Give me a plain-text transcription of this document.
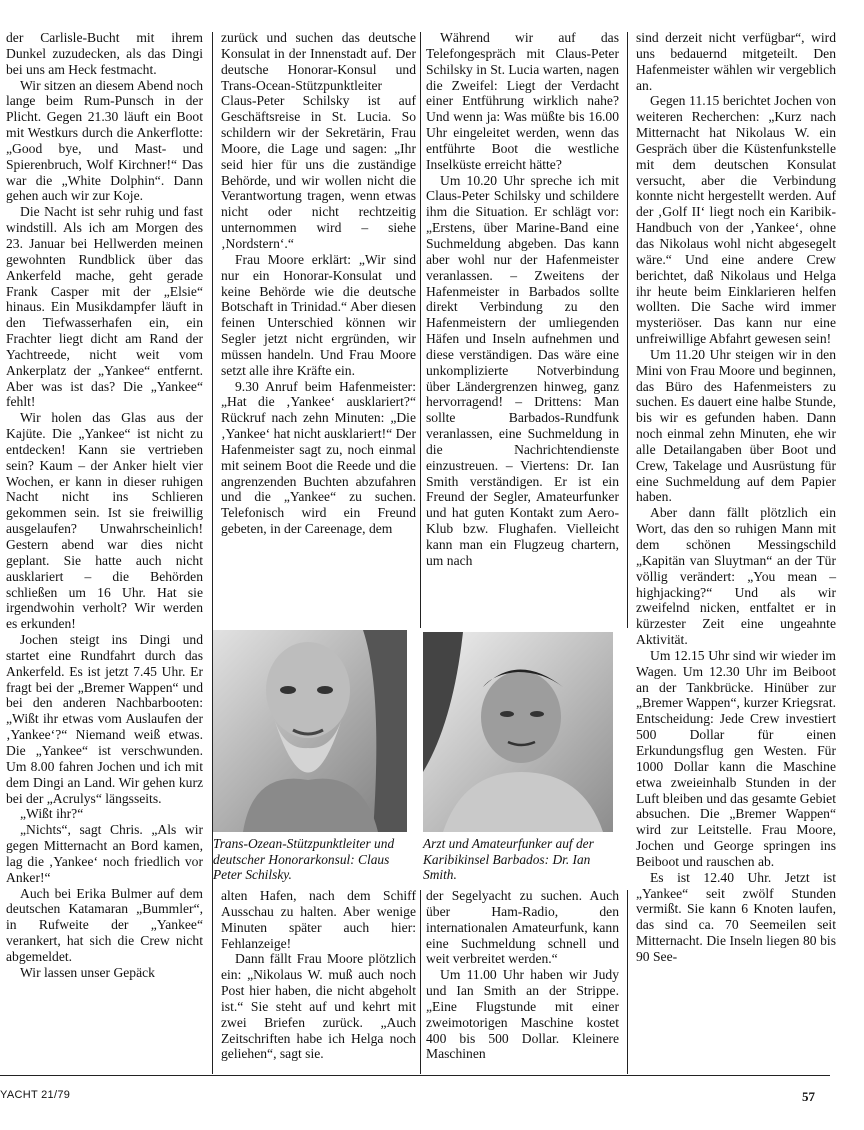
der Carlisle-Bucht mit ihrem Dunkel zuzudecken, als das Dingi bei uns am Heck festmacht.

Wir sitzen an diesem Abend noch lange beim Rum-Punsch in der Plicht. Gegen 21.30 läuft ein Boot mit Westkurs durch die Ankerflotte: „Good bye, und Mast- und Spierenbruch, Wolf Kirchner!“ Das war die „White Dolphin“. Dann gehen auch wir zur Koje.

Die Nacht ist sehr ruhig und fast windstill. Als ich am Morgen des 23. Januar bei Hellwerden meinen gewohnten Rundblick über das Ankerfeld mache, geht gerade Frank Casper mit der „Elsie“ hinaus. Ein Musikdampfer läuft in den Tiefwasserhafen ein, ein Frachter liegt dicht am Rand der Yachtreede, nicht weit vom Ankerplatz der „Yankee“ entfernt. Aber was ist das? Die „Yankee“ fehlt!

Wir holen das Glas aus der Kajüte. Die „Yankee“ ist nicht zu entdecken! Kann sie vertrieben sein? Kaum – der Anker hielt vier Wochen, er kann in dieser ruhigen Nacht nicht ins Schlieren gekommen sein. Ist sie freiwillig ausgelaufen? Unwahrscheinlich! Gestern abend war dies nicht geplant. Sie hatte auch nicht ausklariert – die Behörden schließen um 16 Uhr. Hat sie irgendwohin verholt? Wir werden es erkunden!

Jochen steigt ins Dingi und startet eine Rundfahrt durch das Ankerfeld. Es ist jetzt 7.45 Uhr. Er fragt bei der „Bremer Wappen“ und bei den anderen Nachbarbooten: „Wißt ihr etwas vom Auslaufen der ‚Yankee‘?“ Niemand weiß etwas. Die „Yankee“ ist verschwunden. Um 8.00 fahren Jochen und ich mit dem Dingi an Land. Wir gehen kurz bei der „Acrulys“ längsseits.

„Wißt ihr?“

„Nichts“, sagt Chris. „Als wir gegen Mitternacht an Bord kamen, lag die ‚Yankee‘ noch friedlich vor Anker!“

Auch bei Erika Bulmer auf dem deutschen Katamaran „Bummler“, in Rufweite der „Yankee“ verankert, hat sich die Crew nicht abgemeldet.

Wir lassen unser Gepäck

zurück und suchen das deutsche Konsulat in der Innenstadt auf. Der deutsche Honorar-Konsul und Trans-Ocean-Stützpunktleiter Claus-Peter Schilsky ist auf Geschäftsreise in St. Lucia. So schildern wir der Sekretärin, Frau Moore, die Lage und sagen: „Ihr seid hier für uns die zuständige Behörde, und wir wollen nicht die Verantwortung tragen, wenn etwas nicht oder nicht rechtzeitig unternommen wird – siehe ‚Nordstern‘.“

Frau Moore erklärt: „Wir sind nur ein Honorar-Konsulat und keine Behörde wie die deutsche Botschaft in Trinidad.“ Aber diesen feinen Unterschied können wir Segler jetzt nicht ergründen, wir müssen handeln. Und Frau Moore setzt alle ihre Kräfte ein.

9.30 Anruf beim Hafenmeister: „Hat die ‚Yankee‘ ausklariert?“ Rückruf nach zehn Minuten: „Die ‚Yankee‘ hat nicht ausklariert!“ Der Hafenmeister sagt zu, noch einmal mit seinem Boot die Reede und die angrenzenden Buchten abzufahren und die „Yankee“ zu suchen. Telefonisch wird ein Freund gebeten, in der Careenage, dem

Während wir auf das Telefongespräch mit Claus-Peter Schilsky in St. Lucia warten, nagen die Zweifel: Liegt der Verdacht einer Entführung wirklich nahe? Und wenn ja: Was müßte bis 16.00 Uhr eingeleitet werden, wenn das entführte Boot die westliche Inselküste erreicht hätte?

Um 10.20 Uhr spreche ich mit Claus-Peter Schilsky und schildere ihm die Situation. Er schlägt vor: „Erstens, über Marine-Band eine Suchmeldung abgeben. Das kann aber wohl nur der Hafenmeister veranlassen. – Zweitens der Hafenmeister in Barbados sollte direkt Verbindung zu den Hafenmeistern der umliegenden Häfen und Inseln aufnehmen und diese verständigen. Das wäre eine unkomplizierte Notverbindung über Ländergrenzen hinweg, ganz hervorragend! – Drittens: Man sollte Barbados-Rundfunk veranlassen, eine Suchmeldung in die Nachrichtendienste einzustreuen. – Viertens: Dr. Ian Smith verständigen. Er ist ein Freund der Segler, Amateurfunker und hat guten Kontakt zum Aero-Klub bzw. Flughafen. Vielleicht kann man ein Flugzeug chartern, um nach

sind derzeit nicht verfügbar“, wird uns bedauernd mitgeteilt. Den Hafenmeister wählen wir vergeblich an.

Gegen 11.15 berichtet Jochen von weiteren Recherchen: „Kurz nach Mitternacht hat Nikolaus W. ein Gespräch über die Küstenfunkstelle mit dem deutschen Konsulat versucht, aber die Verbindung konnte nicht hergestellt werden. Auf der ‚Golf II‘ liegt noch ein Karibik-Handbuch von der ‚Yankee‘, ohne das Nikolaus wohl nicht abgesegelt wäre.“ Und eine andere Crew berichtet, daß Nikolaus und Helga ihr heute beim Einklarieren helfen wollten. Die Sache wird immer mysteriöser. Das kann nur eine unfreiwillige Abfahrt gewesen sein!

Um 11.20 Uhr steigen wir in den Mini von Frau Moore und beginnen, das Büro des Hafenmeisters zu suchen. Es dauert eine halbe Stunde, bis wir es gefunden haben. Dann noch einmal zehn Minuten, ehe wir alle Detailangaben über Boot und Crew, Takelage und Ausrüstung für eine Suchmeldung auf dem Papier haben.

Aber dann fällt plötzlich ein Wort, das den so ruhigen Mann mit dem schönen Messingschild „Kapitän van Sluytman“ an der Tür völlig verändert: „You mean – highjacking?“ Und als wir zweifelnd nicken, entfaltet er in kürzester Zeit eine ungeahnte Aktivität.

Um 12.15 Uhr sind wir wieder im Wagen. Um 12.30 Uhr im Beiboot an der Tankbrücke. Hinüber zur „Bremer Wappen“, kurzer Kriegsrat. Entscheidung: Jede Crew investiert 500 Dollar für einen Erkundungsflug gen Westen. Für 1000 Dollar kann die Maschine etwa zweieinhalb Stunden in der Luft bleiben und das gesamte Gebiet absuchen. Die „Bremer Wappen“ wird zur Leitstelle. Frau Moore, Jochen und George springen ins Beiboot und rauschen ab.

Es ist 12.40 Uhr. Jetzt ist „Yankee“ seit zwölf Stunden vermißt. Sie kann 6 Knoten laufen, das sind ca. 70 Seemeilen seit Mitternacht. Die Inseln liegen 80 bis 90 See-

Trans-Ozean-Stützpunktleiter und deutscher Honorarkonsul: Claus Peter Schilsky.
Arzt und Amateurfunker auf der Karibikinsel Barbados: Dr. Ian Smith.

alten Hafen, nach dem Schiff Ausschau zu halten. Aber wenige Minuten später auch hier: Fehlanzeige!

Dann fällt Frau Moore plötzlich ein: „Nikolaus W. muß auch noch Post hier haben, die nicht abgeholt ist.“ Sie steht auf und kehrt mit zwei Briefen zurück. „Auch Zeitschriften habe ich Helga noch geliehen“, sagt sie.

der Segelyacht zu suchen. Auch über Ham-Radio, den internationalen Amateurfunk, kann eine Suchmeldung schnell und weit verbreitet werden.“

Um 11.00 Uhr haben wir Judy und Ian Smith an der Strippe. „Eine Flugstunde mit einer zweimotorigen Maschine kostet 400 bis 500 Dollar. Kleinere Maschinen

YACHT 21/79	57
